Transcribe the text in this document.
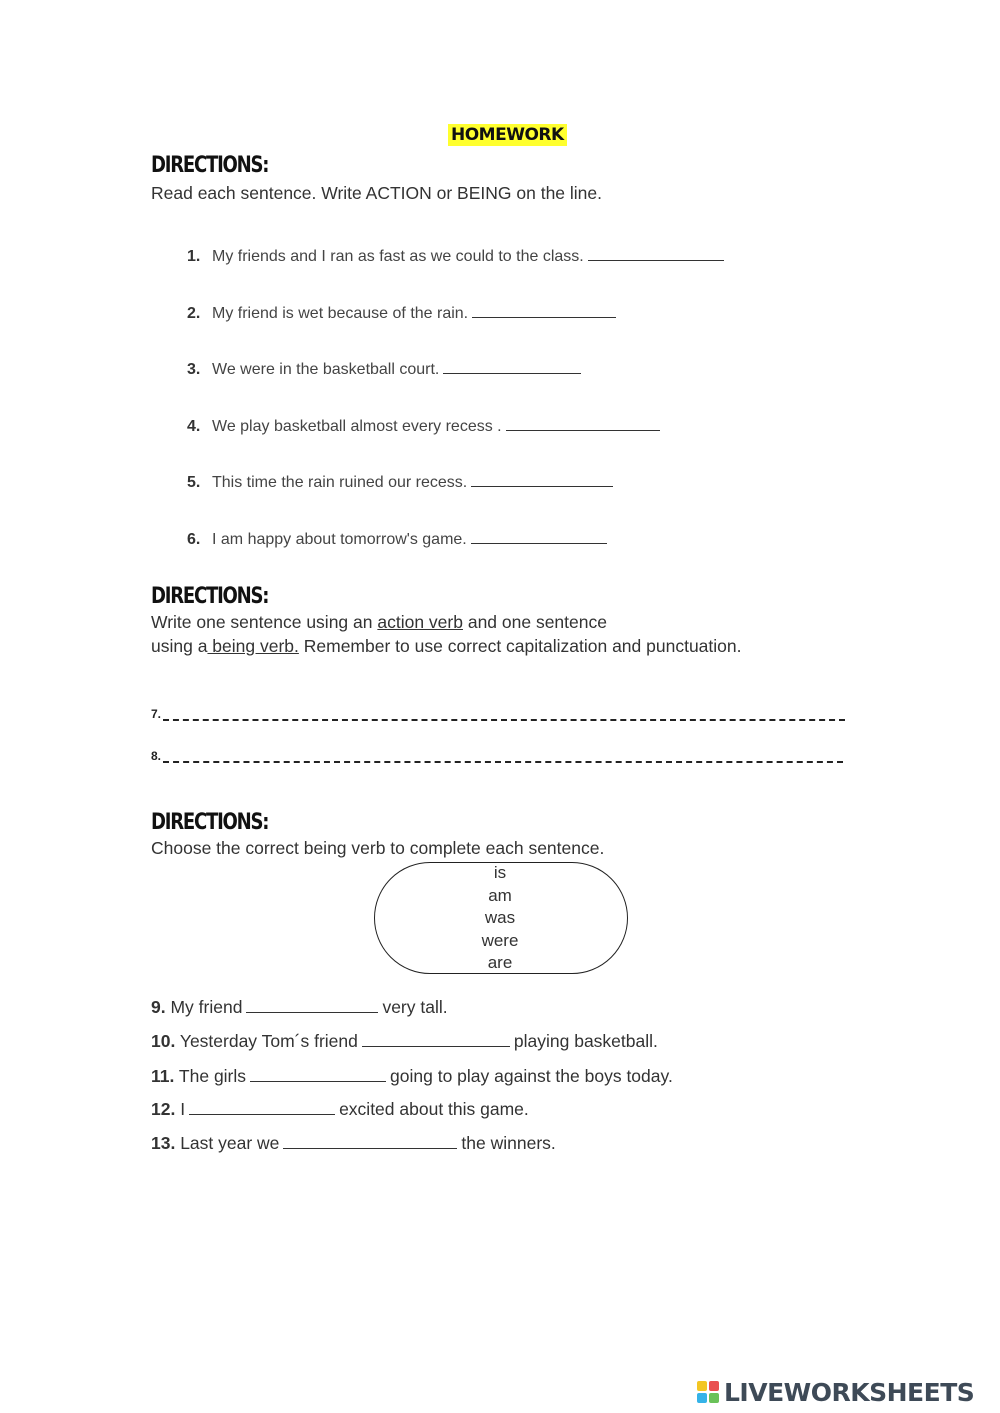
HOMEWORK
DIRECTIONS:
Read each sentence. Write ACTION or BEING on the line.
1. My friends and I ran as fast as we could to the class.
2. My friend is wet because of the rain.
3. We were in the basketball court.
4. We play basketball almost every recess .
5. This time the rain ruined our recess.
6. I am happy about tomorrow's game.
DIRECTIONS:
Write one sentence using an action verb and one sentence
using a being verb. Remember to use correct capitalization and punctuation.
7.
8.
DIRECTIONS:
Choose the correct being verb to complete each sentence.
is
am
was
were
are
9. My friend	very tall.
10. Yesterday Tom´s friend	playing basketball.
11. The girls	going to play against the boys today.
12. I	excited about this game.
13. Last year we	the winners.
LIVEWORKSHEETS
